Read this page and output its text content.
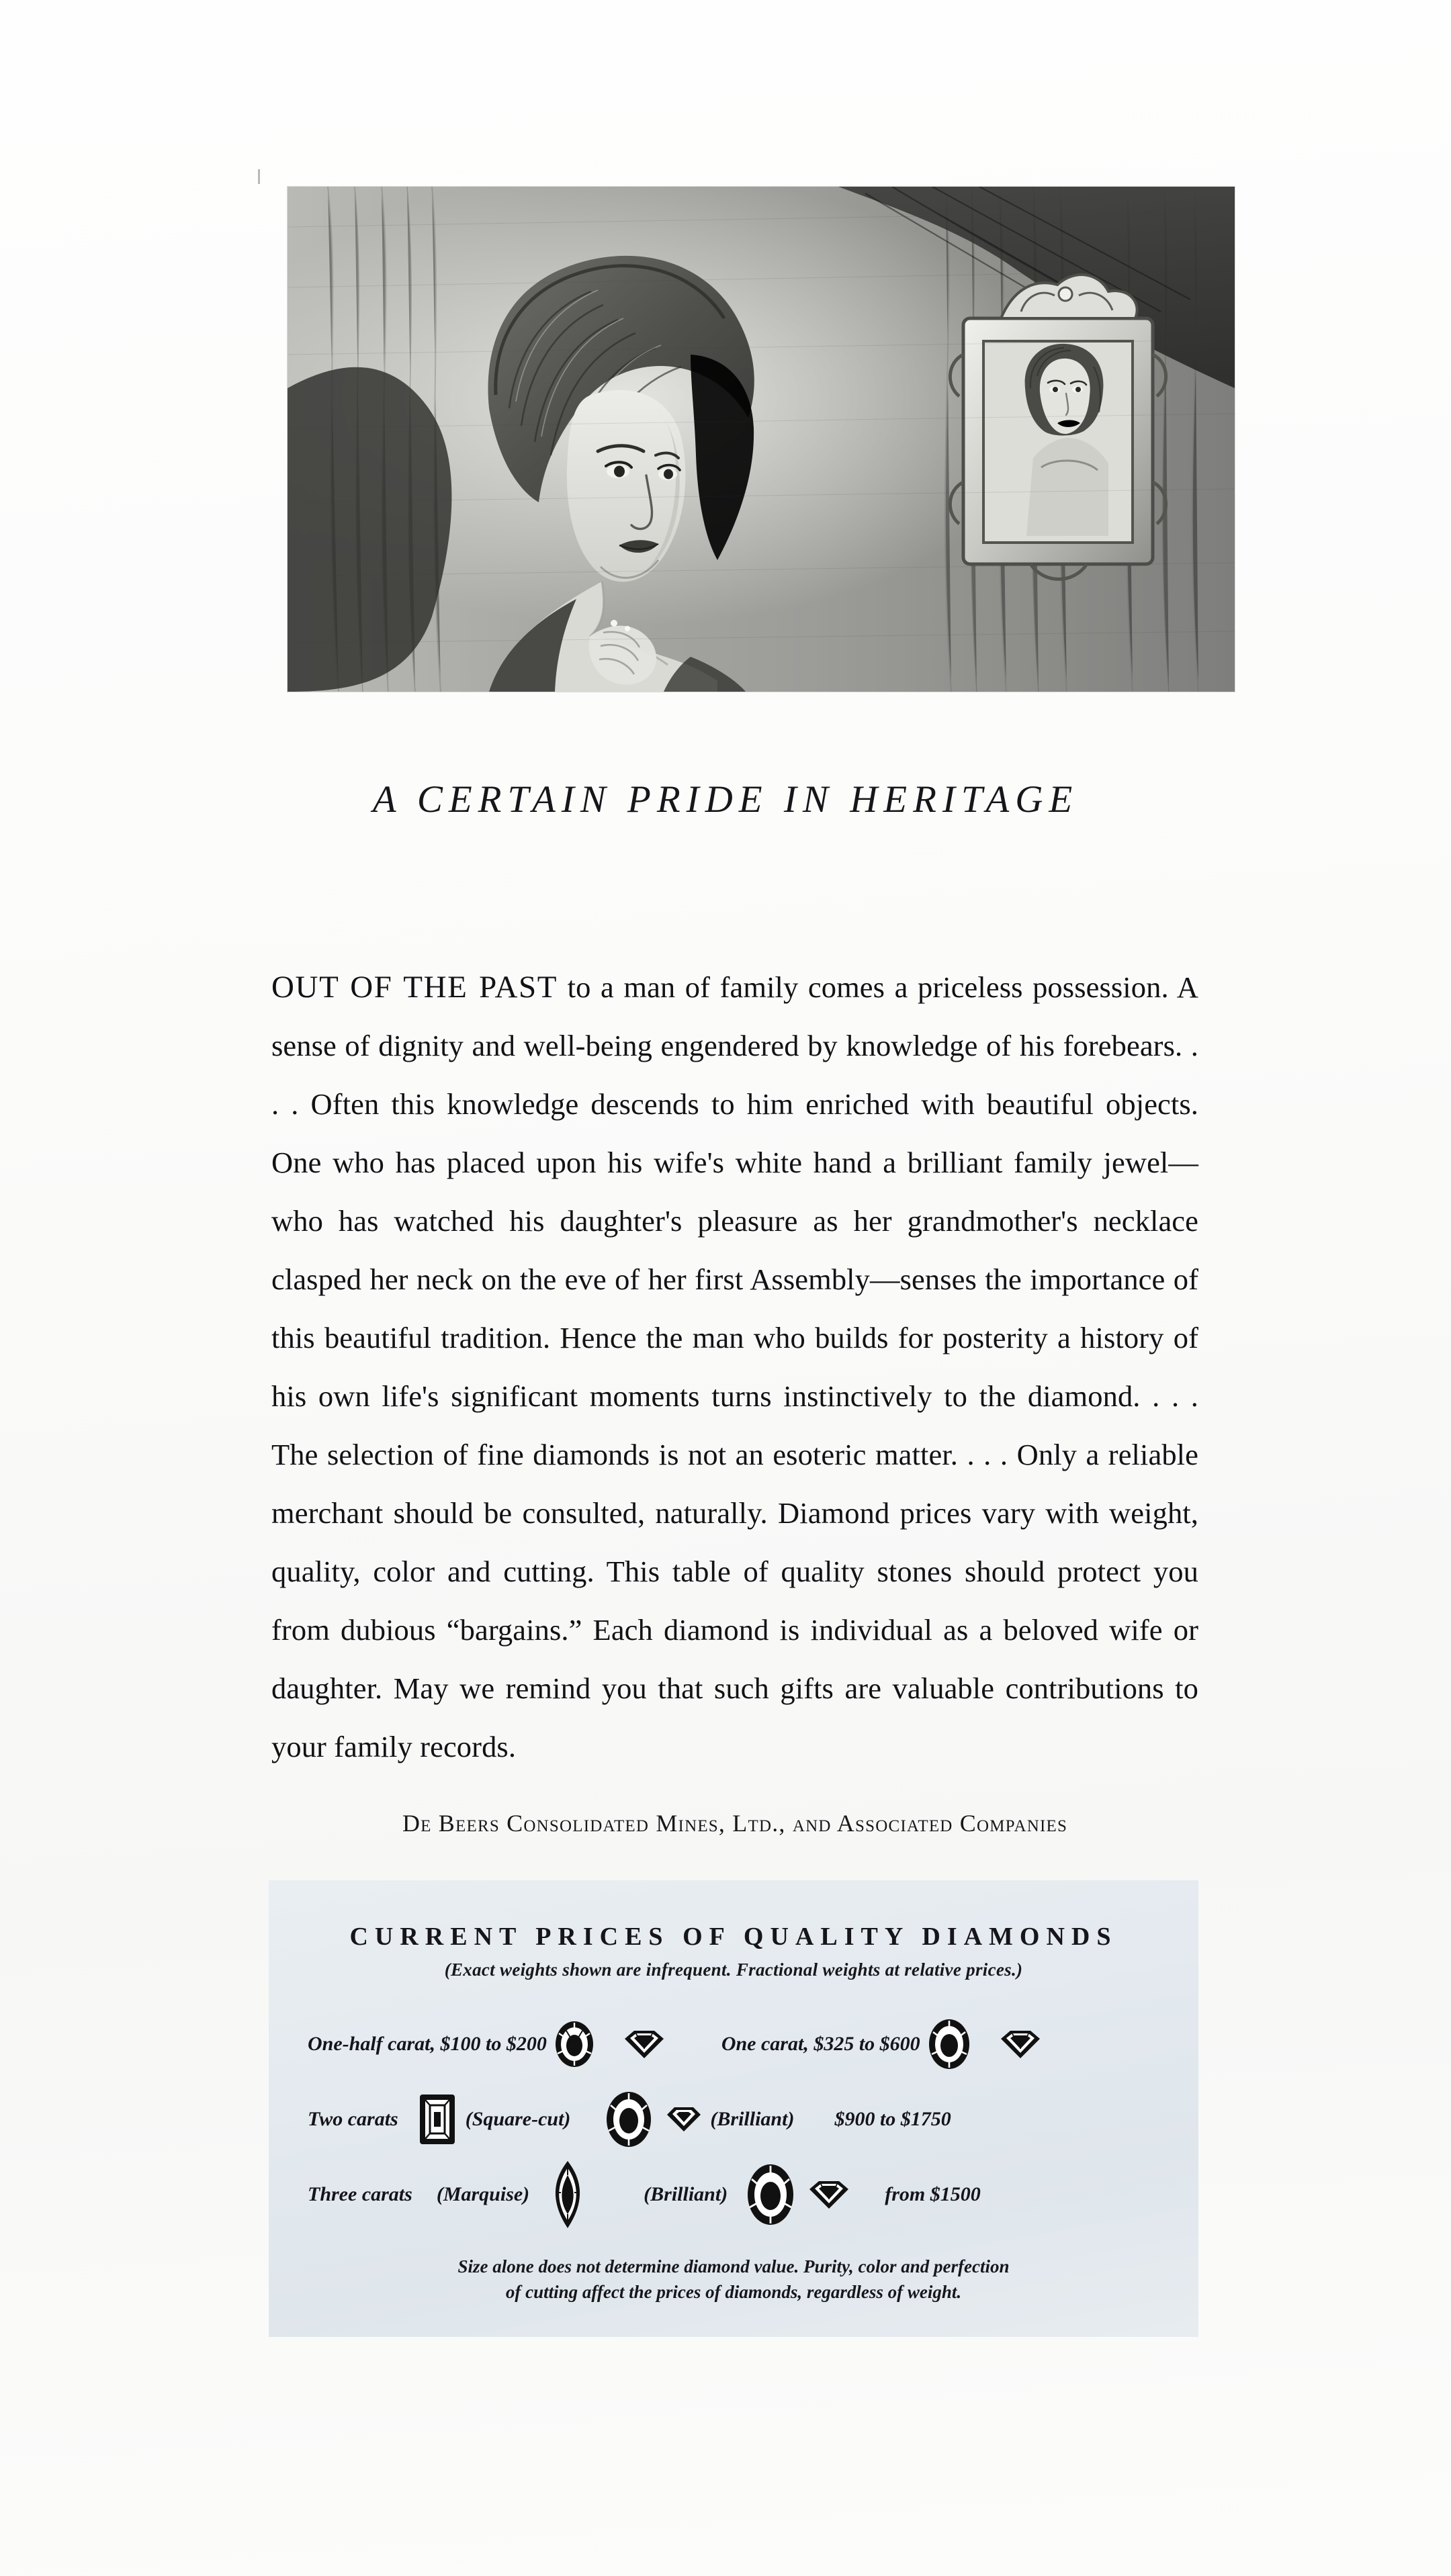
A CERTAIN PRIDE IN HERITAGE

OUT OF THE PAST to a man of family comes a priceless possession. A sense of dignity and well-being engendered by knowledge of his forebears. . . . Often this knowledge descends to him enriched with beautiful objects. One who has placed upon his wife's white hand a brilliant family jewel—who has watched his daughter's pleasure as her grandmother's necklace clasped her neck on the eve of her first Assembly—senses the importance of this beautiful tradition. Hence the man who builds for posterity a history of his own life's significant moments turns instinctively to the diamond. . . . The selection of fine diamonds is not an esoteric matter. . . . Only a reliable merchant should be consulted, naturally. Diamond prices vary with weight, quality, color and cutting. This table of quality stones should protect you from dubious “bargains.” Each diamond is individual as a beloved wife or daughter. May we remind you that such gifts are valuable contributions to your family records.

De Beers Consolidated Mines, Ltd., and Associated Companies
CURRENT PRICES OF QUALITY DIAMONDS
(Exact weights shown are infrequent. Fractional weights at relative prices.)
One-half carat, $100 to $200	One carat, $325 to $600
Two carats	(Square-cut)	(Brilliant) $900 to $1750
Three carats (Marquise)	(Brilliant)	from $1500
Size alone does not determine diamond value. Purity, color and perfection
of cutting affect the prices of diamonds, regardless of weight.
